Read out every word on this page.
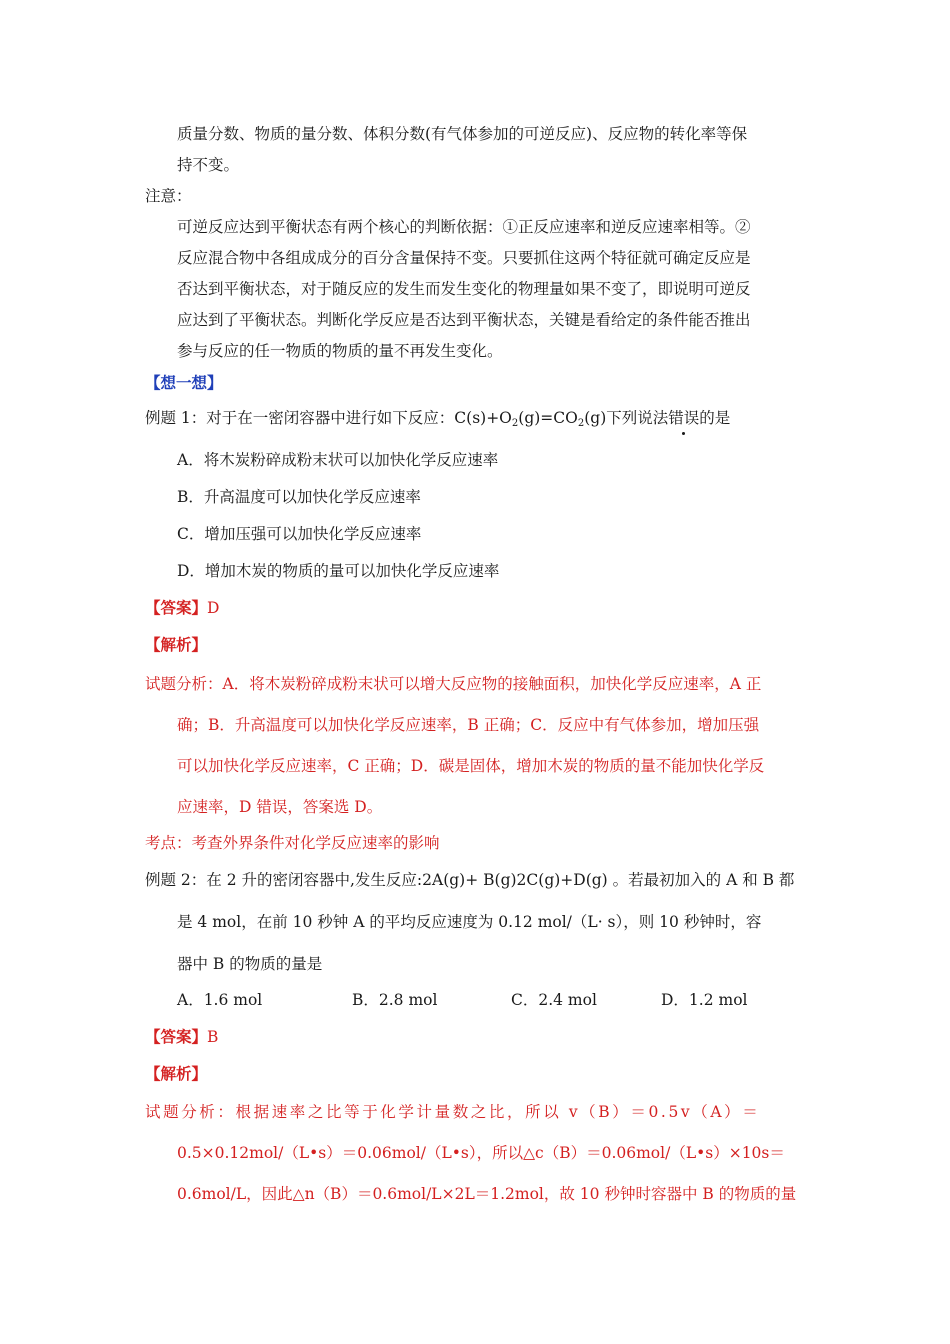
质量分数、物质的量分数、体积分数(有气体参加的可逆反应)、反应物的转化率等保
持不变。
注意：
可逆反应达到平衡状态有两个核心的判断依据：①正反应速率和逆反应速率相等。②
反应混合物中各组成成分的百分含量保持不变。只要抓住这两个特征就可确定反应是
否达到平衡状态，对于随反应的发生而发生变化的物理量如果不变了，即说明可逆反
应达到了平衡状态。判断化学反应是否达到平衡状态，关键是看给定的条件能否推出
参与反应的任一物质的物质的量不再发生变化。
【想一想】
例题 1：对于在一密闭容器中进行如下反应：$C(s)+O_2(g)=CO_2(g)$下列说法错误的是
A．将木炭粉碎成粉末状可以加快化学反应速率
B．升高温度可以加快化学反应速率
C．增加压强可以加快化学反应速率
D．增加木炭的物质的量可以加快化学反应速率
【答案】D
【解析】
试题分析：A．将木炭粉碎成粉末状可以增大反应物的接触面积，加快化学反应速率，A 正
确；B．升高温度可以加快化学反应速率，B 正确；C．反应中有气体参加，增加压强
可以加快化学反应速率，C 正确；D．碳是固体，增加木炭的物质的量不能加快化学反
应速率，D 错误，答案选 D。
考点：考查外界条件对化学反应速率的影响
例题 2：在 2 升的密闭容器中,发生反应:2A(g)+ B(g)2C(g)+D(g) 。若最初加入的 A 和 B 都
是 4 mol，在前 10 秒钟 A 的平均反应速度为 0.12 mol/（L· s），则 10 秒钟时，容
器中 B 的物质的量是
A．1.6 mol	B．2.8 mol	C．2.4 mol	D．1.2 mol
【答案】B
【解析】
试题分析：根据速率之比等于化学计量数之比，所以 v（B）＝0.5v（A）＝
0.5×0.12mol/（L•s）＝0.06mol/（L•s），所以△c（B）＝0.06mol/（L•s）×10s＝
0.6mol/L，因此△n（B）＝0.6mol/L×2L＝1.2mol，故 10 秒钟时容器中 B 的物质的量
